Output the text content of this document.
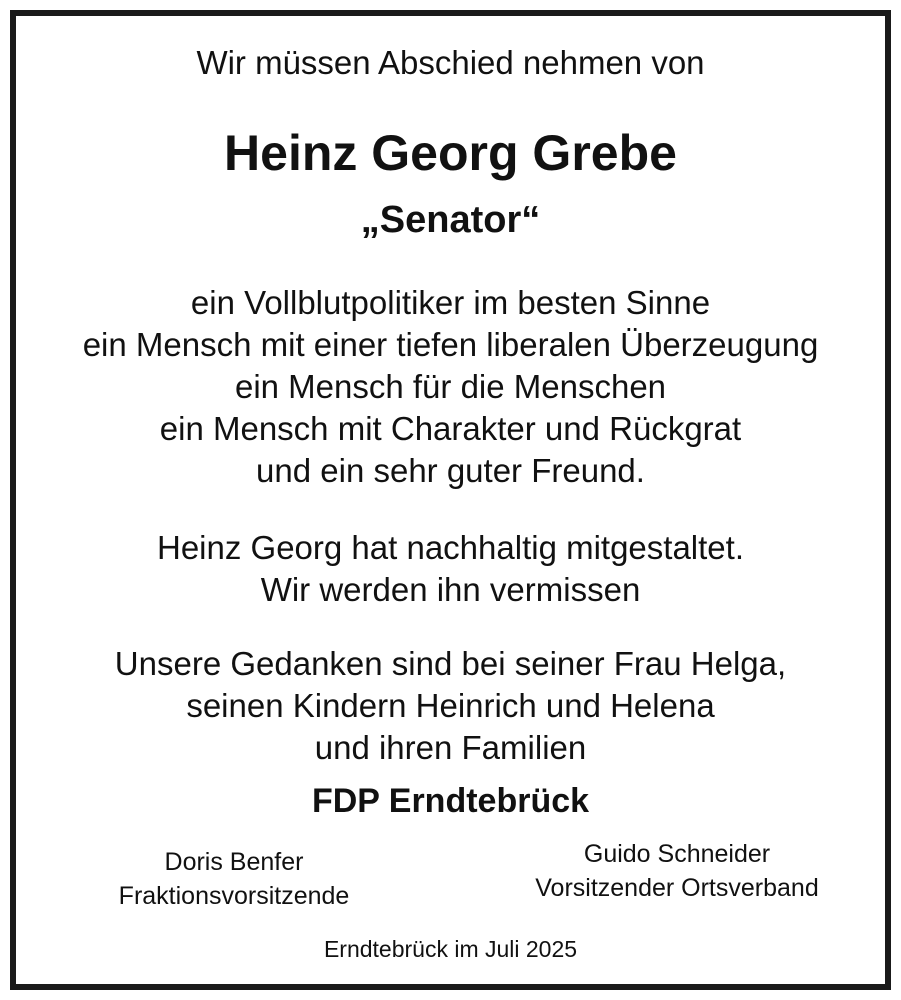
Wir müssen Abschied nehmen von
Heinz Georg Grebe
„Senator“
ein Vollblutpolitiker im besten Sinne
ein Mensch mit einer tiefen liberalen Überzeugung
ein Mensch für die Menschen
ein Mensch mit Charakter und Rückgrat
und ein sehr guter Freund.
Heinz Georg hat nachhaltig mitgestaltet.
Wir werden ihn vermissen
Unsere Gedanken sind bei seiner Frau Helga,
seinen Kindern Heinrich und Helena
und ihren Familien
FDP Erndtebrück
Doris Benfer
Fraktionsvorsitzende
Guido Schneider
Vorsitzender Ortsverband
Erndtebrück im Juli 2025
